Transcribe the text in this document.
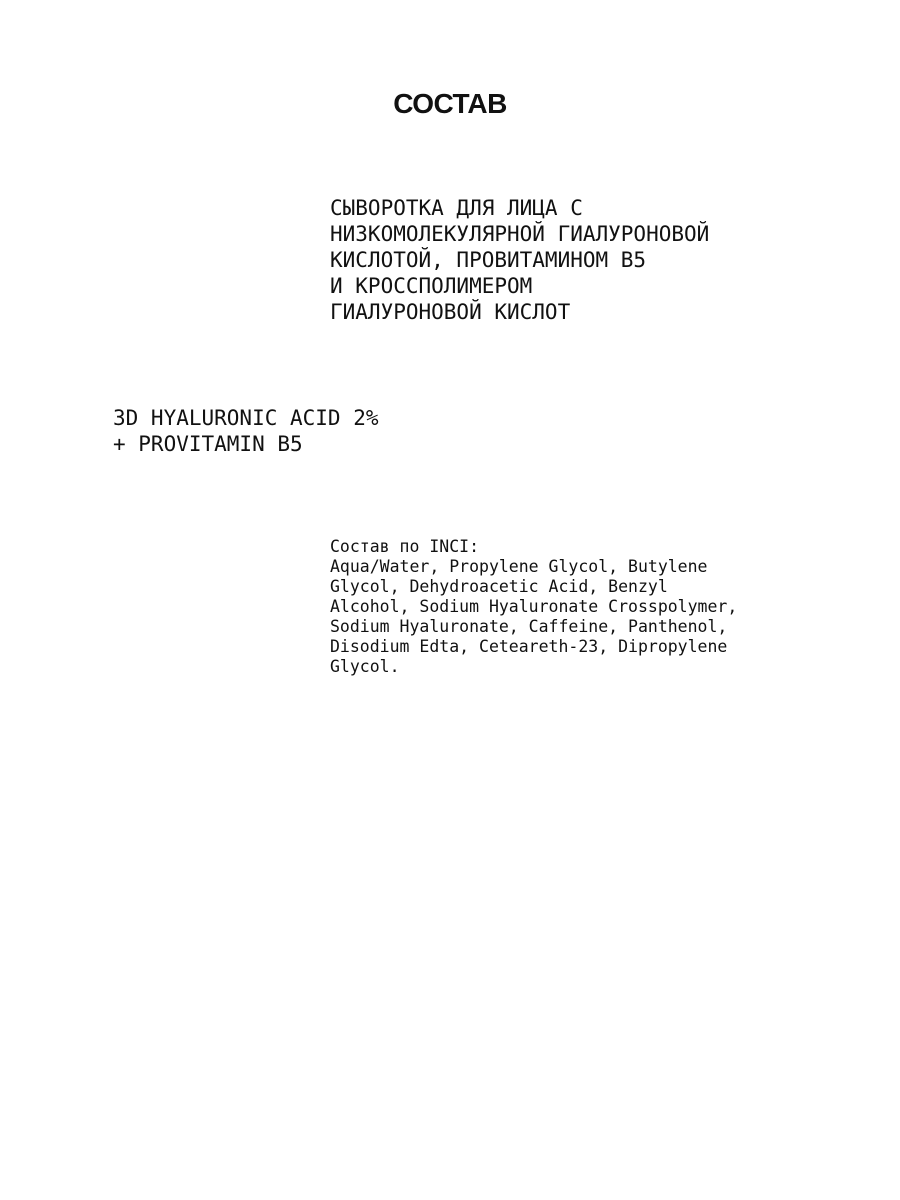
СОСТАВ
СЫВОРОТКА ДЛЯ ЛИЦА С
НИЗКОМОЛЕКУЛЯРНОЙ ГИАЛУРОНОВОЙ
КИСЛОТОЙ, ПРОВИТАМИНОМ B5
И КРОССПОЛИМЕРОМ
ГИАЛУРОНОВОЙ КИСЛОТ
3D HYALURONIC ACID 2%
+ PROVITAMIN B5
Состав по INCI:
Aqua/Water, Propylene Glycol, Butylene
Glycol, Dehydroacetic Acid, Benzyl
Alcohol, Sodium Hyaluronate Crosspolymer,
Sodium Hyaluronate, Caffeine, Panthenol,
Disodium Edta, Ceteareth-23, Dipropylene
Glycol.
